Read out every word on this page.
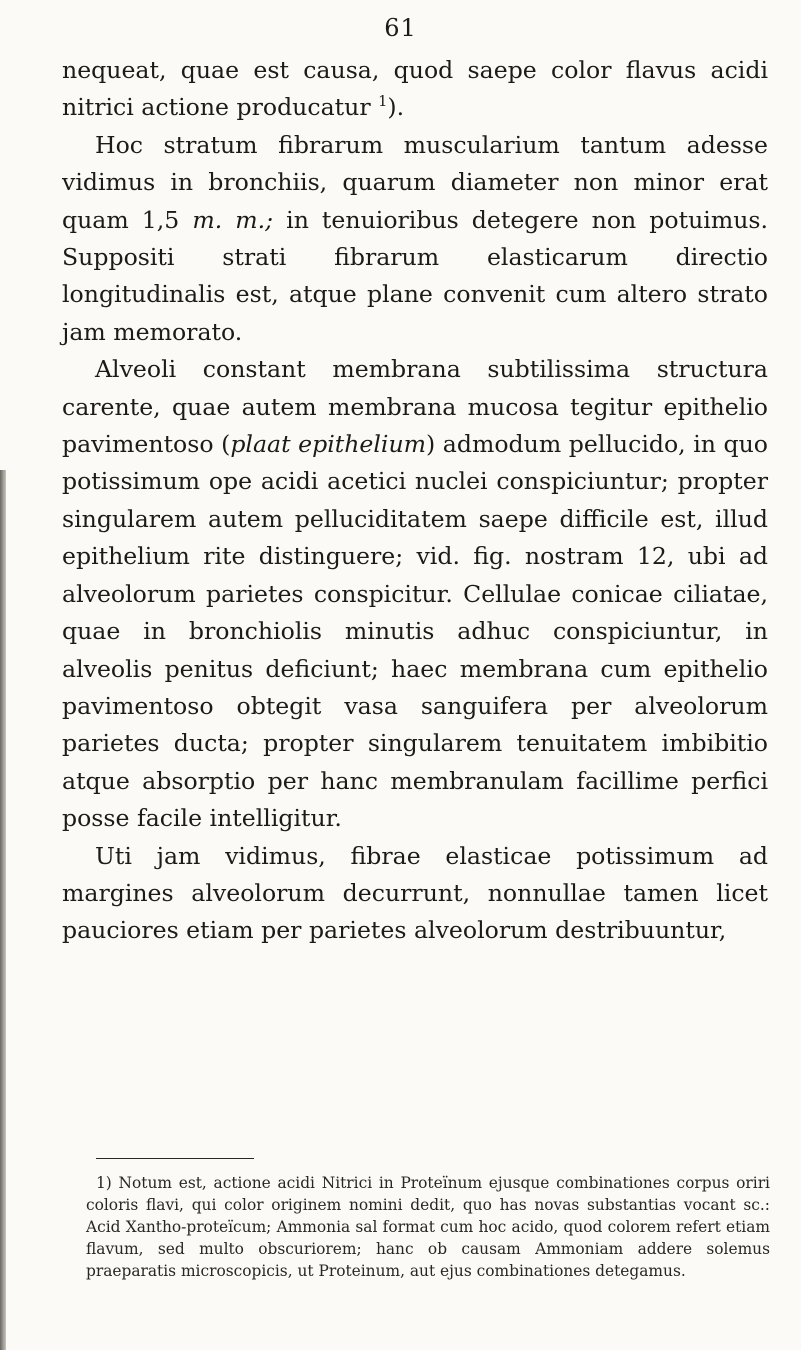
61

nequeat, quae est causa, quod saepe color flavus acidi nitrici actione producatur $^1$).

Hoc stratum fibrarum muscularium tantum adesse vidimus in bronchiis, quarum diameter non minor erat quam 1,5 m. m.; in tenuioribus detegere non potuimus. Suppositi strati fibrarum elasticarum directio longitudinalis est, atque plane convenit cum altero strato jam memorato.

Alveoli constant membrana subtilissima structura carente, quae autem membrana mucosa tegitur epithelio pavimentoso (plaat epithelium) admodum pellucido, in quo potissimum ope acidi acetici nuclei conspiciuntur; propter singularem autem pelluciditatem saepe difficile est, illud epithelium rite distinguere; vid. fig. nostram 12, ubi ad alveolorum parietes conspicitur. Cellulae conicae ciliatae, quae in bronchiolis minutis adhuc conspiciuntur, in alveolis penitus deficiunt; haec membrana cum epithelio pavimentoso obtegit vasa sanguifera per alveolorum parietes ducta; propter singularem tenuitatem imbibitio atque absorptio per hanc membranulam facillime perfici posse facile intelligitur.

Uti jam vidimus, fibrae elasticae potissimum ad margines alveolorum decurrunt, nonnullae tamen licet pauciores etiam per parietes alveolorum destribuuntur,

1) Notum est, actione acidi Nitrici in Proteïnum ejusque combinationes corpus oriri coloris flavi, qui color originem nomini dedit, quo has novas substantias vocant sc.: Acid Xantho-proteïcum; Ammonia sal format cum hoc acido, quod colorem refert etiam flavum, sed multo obscuriorem; hanc ob causam Ammoniam addere solemus praeparatis microscopicis, ut Proteinum, aut ejus combinationes detegamus.
